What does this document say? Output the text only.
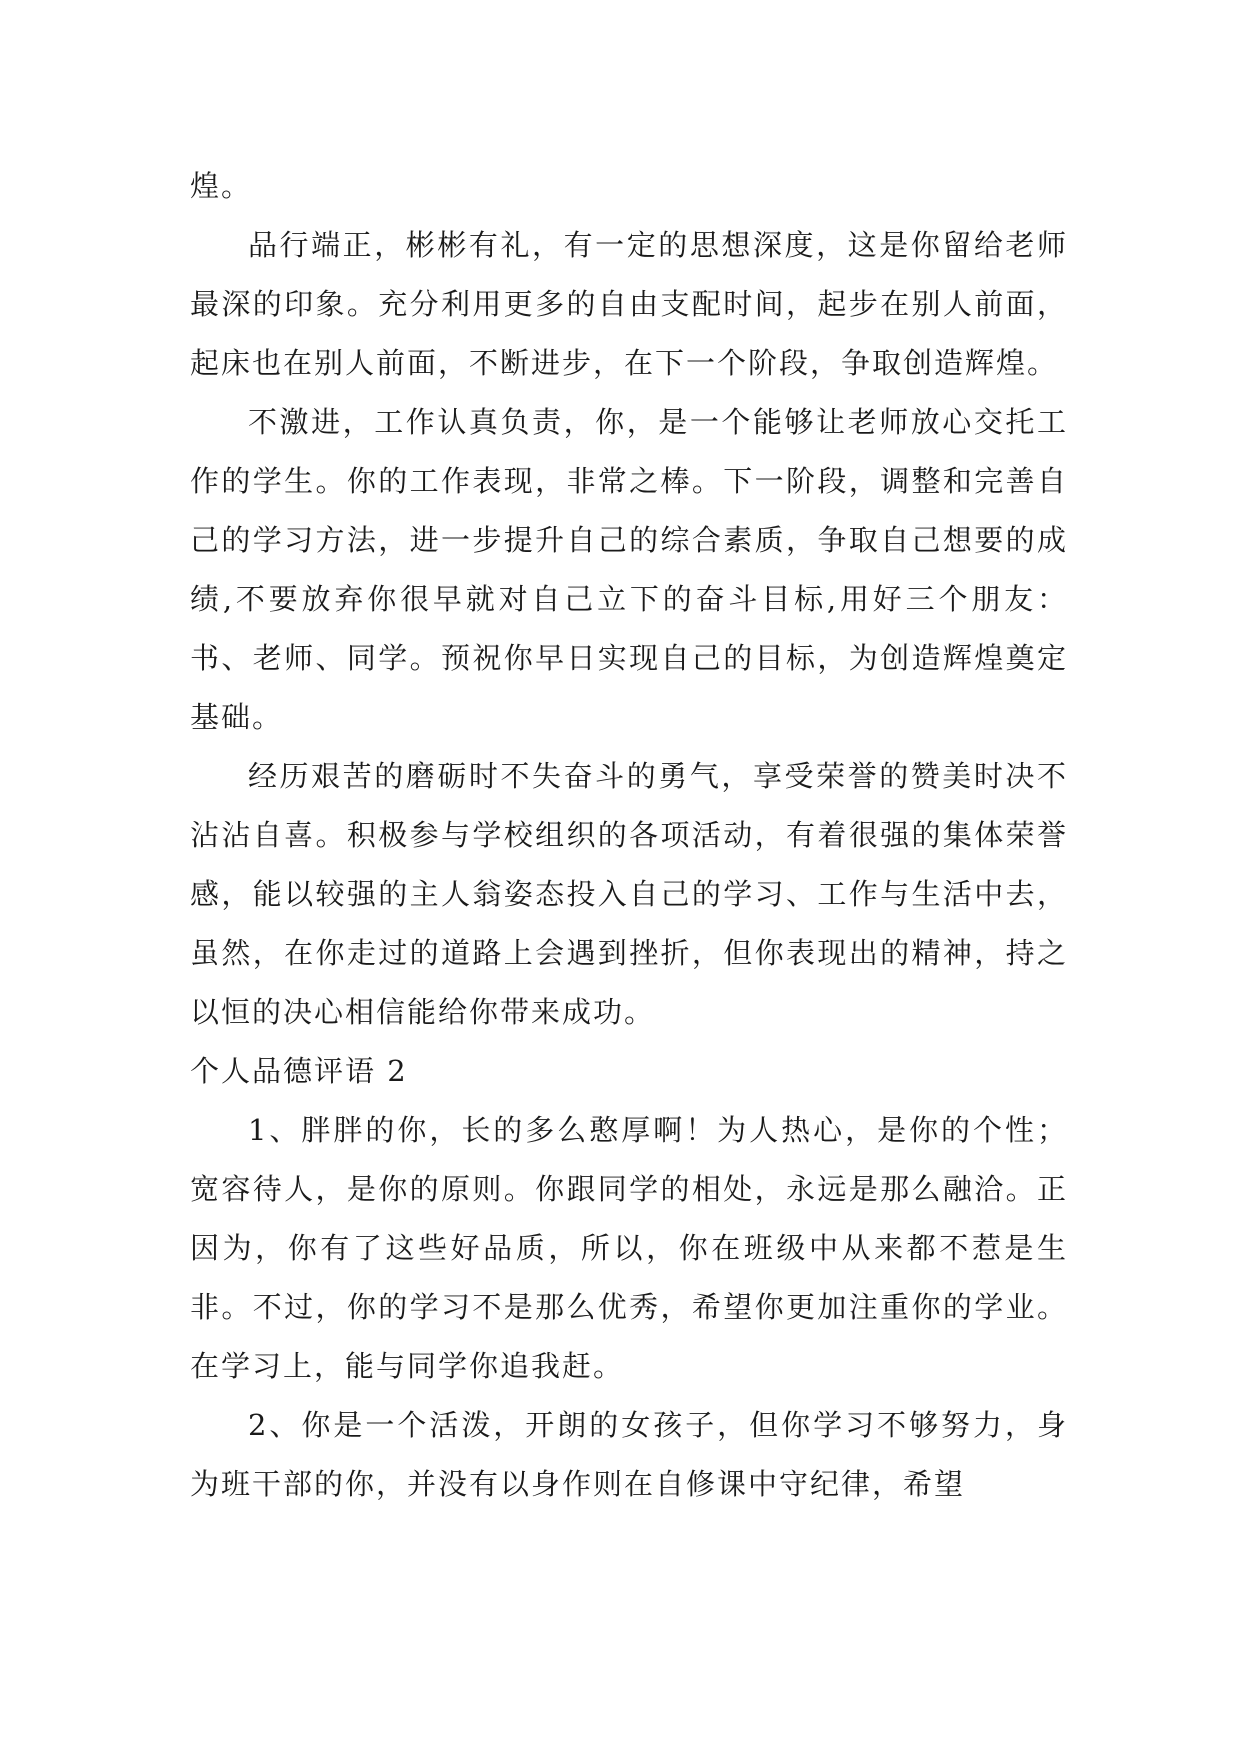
煌。

品行端正，彬彬有礼，有一定的思想深度，这是你留给老师最深的印象。充分利用更多的自由支配时间，起步在别人前面，起床也在别人前面，不断进步，在下一个阶段，争取创造辉煌。

不激进，工作认真负责，你，是一个能够让老师放心交托工作的学生。你的工作表现，非常之棒。下一阶段，调整和完善自己的学习方法，进一步提升自己的综合素质，争取自己想要的成绩,不要放弃你很早就对自己立下的奋斗目标,用好三个朋友：书、老师、同学。预祝你早日实现自己的目标，为创造辉煌奠定基础。

经历艰苦的磨砺时不失奋斗的勇气，享受荣誉的赞美时决不沾沾自喜。积极参与学校组织的各项活动，有着很强的集体荣誉感，能以较强的主人翁姿态投入自己的学习、工作与生活中去，虽然，在你走过的道路上会遇到挫折，但你表现出的精神，持之以恒的决心相信能给你带来成功。

个人品德评语 2

1、胖胖的你，长的多么憨厚啊！为人热心，是你的个性；宽容待人，是你的原则。你跟同学的相处，永远是那么融洽。正因为，你有了这些好品质，所以，你在班级中从来都不惹是生非。不过，你的学习不是那么优秀，希望你更加注重你的学业。在学习上，能与同学你追我赶。

2、你是一个活泼，开朗的女孩子，但你学习不够努力，身为班干部的你，并没有以身作则在自修课中守纪律，希望
